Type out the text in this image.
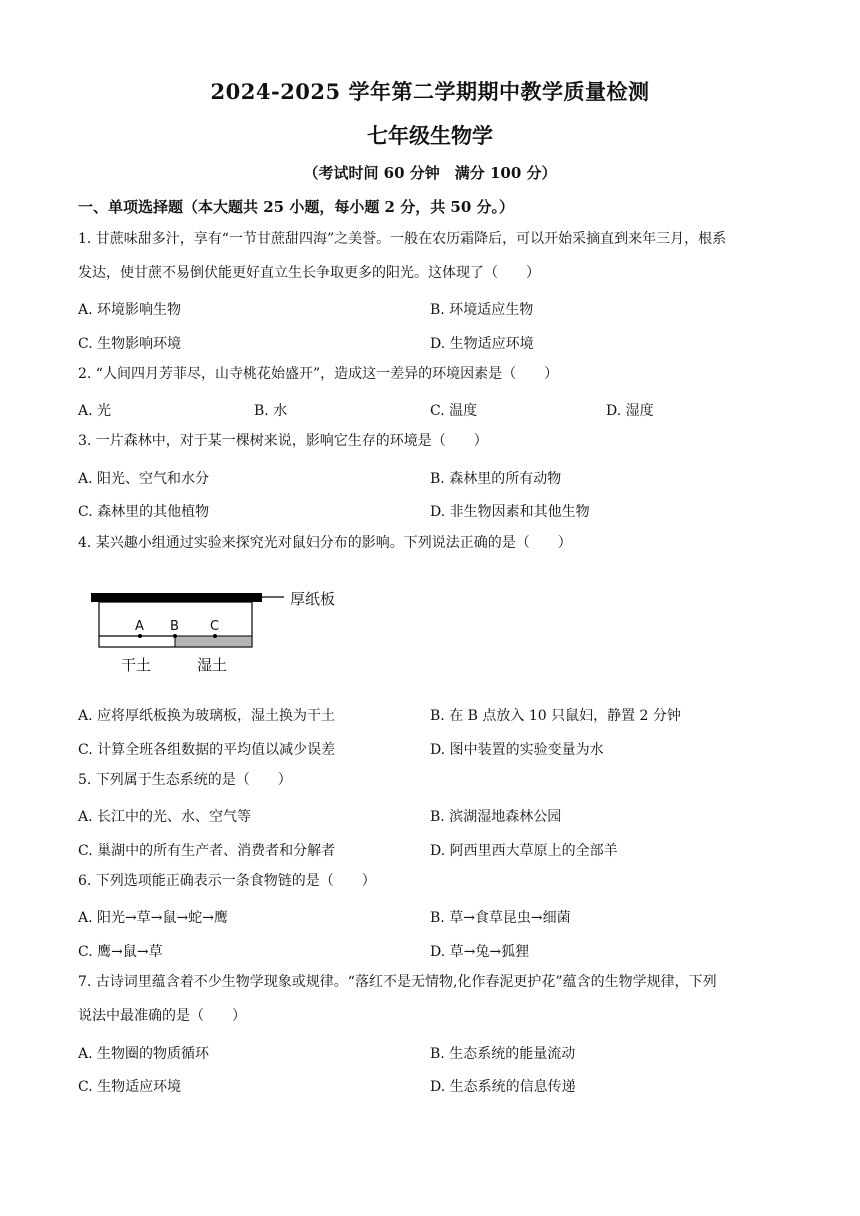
2024-2025 学年第二学期期中教学质量检测
七年级生物学
（考试时间 60 分钟　满分 100 分）
一、单项选择题（本大题共 25 小题，每小题 2 分，共 50 分。）
1. 甘蔗味甜多汁，享有“一节甘蔗甜四海”之美誉。一般在农历霜降后，可以开始采摘直到来年三月，根系
发达，使甘蔗不易倒伏能更好直立生长争取更多的阳光。这体现了（　　）
A. 环境影响生物	B. 环境适应生物
C. 生物影响环境	D. 生物适应环境
2. “人间四月芳菲尽，山寺桃花始盛开”，造成这一差异的环境因素是（　　）
A. 光	B. 水	C. 温度	D. 湿度
3. 一片森林中，对于某一棵树来说，影响它生存的环境是（　　）
A. 阳光、空气和水分	B. 森林里的所有动物
C. 森林里的其他植物	D. 非生物因素和其他生物
4. 某兴趣小组通过实验来探究光对鼠妇分布的影响。下列说法正确的是（　　）
厚纸板
A B C
干土	湿土
A. 应将厚纸板换为玻璃板，湿土换为干土	B. 在 B 点放入 10 只鼠妇，静置 2 分钟
C. 计算全班各组数据的平均值以减少误差	D. 图中装置的实验变量为水
5. 下列属于生态系统的是（　　）
A. 长江中的光、水、空气等	B. 滨湖湿地森林公园
C. 巢湖中的所有生产者、消费者和分解者	D. 阿西里西大草原上的全部羊
6. 下列选项能正确表示一条食物链的是（　　）
A. 阳光→草→鼠→蛇→鹰	B. 草→食草昆虫→细菌
C. 鹰→鼠→草	D. 草→兔→狐狸
7. 古诗词里蕴含着不少生物学现象或规律。“落红不是无情物,化作春泥更护花”蕴含的生物学规律，下列
说法中最准确的是（　　）
A. 生物圈的物质循环	B. 生态系统的能量流动
C. 生物适应环境	D. 生态系统的信息传递
